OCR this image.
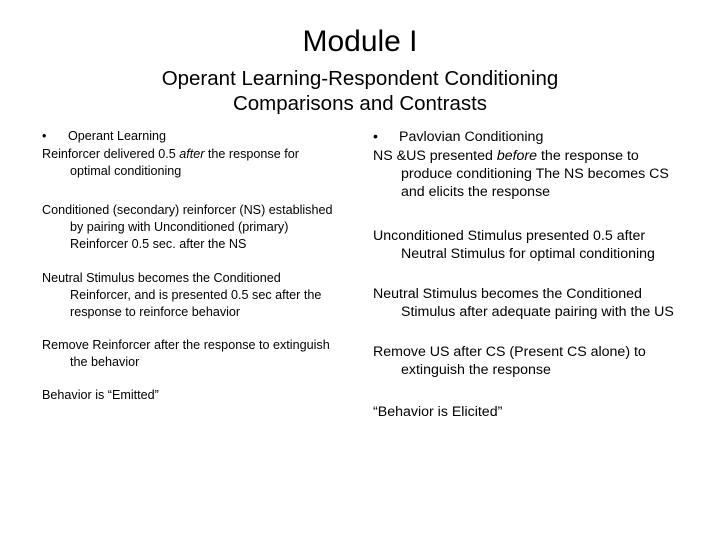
Module I
Operant Learning-Respondent Conditioning
Comparisons and Contrasts
• Operant Learning

Reinforcer delivered 0.5 after the response for optimal conditioning

Conditioned (secondary) reinforcer (NS) established by pairing with Unconditioned (primary) Reinforcer 0.5 sec. after the NS

Neutral Stimulus becomes the Conditioned Reinforcer, and is presented 0.5 sec after the response to reinforce behavior

Remove Reinforcer after the response to extinguish the behavior

Behavior is “Emitted”

• Pavlovian Conditioning

NS &US presented before the response to produce conditioning The NS becomes CS and elicits the response

Unconditioned Stimulus presented 0.5 after Neutral Stimulus for optimal conditioning

Neutral Stimulus becomes the Conditioned Stimulus after adequate pairing with the US

Remove US after CS (Present CS alone) to extinguish the response

“Behavior is Elicited”
